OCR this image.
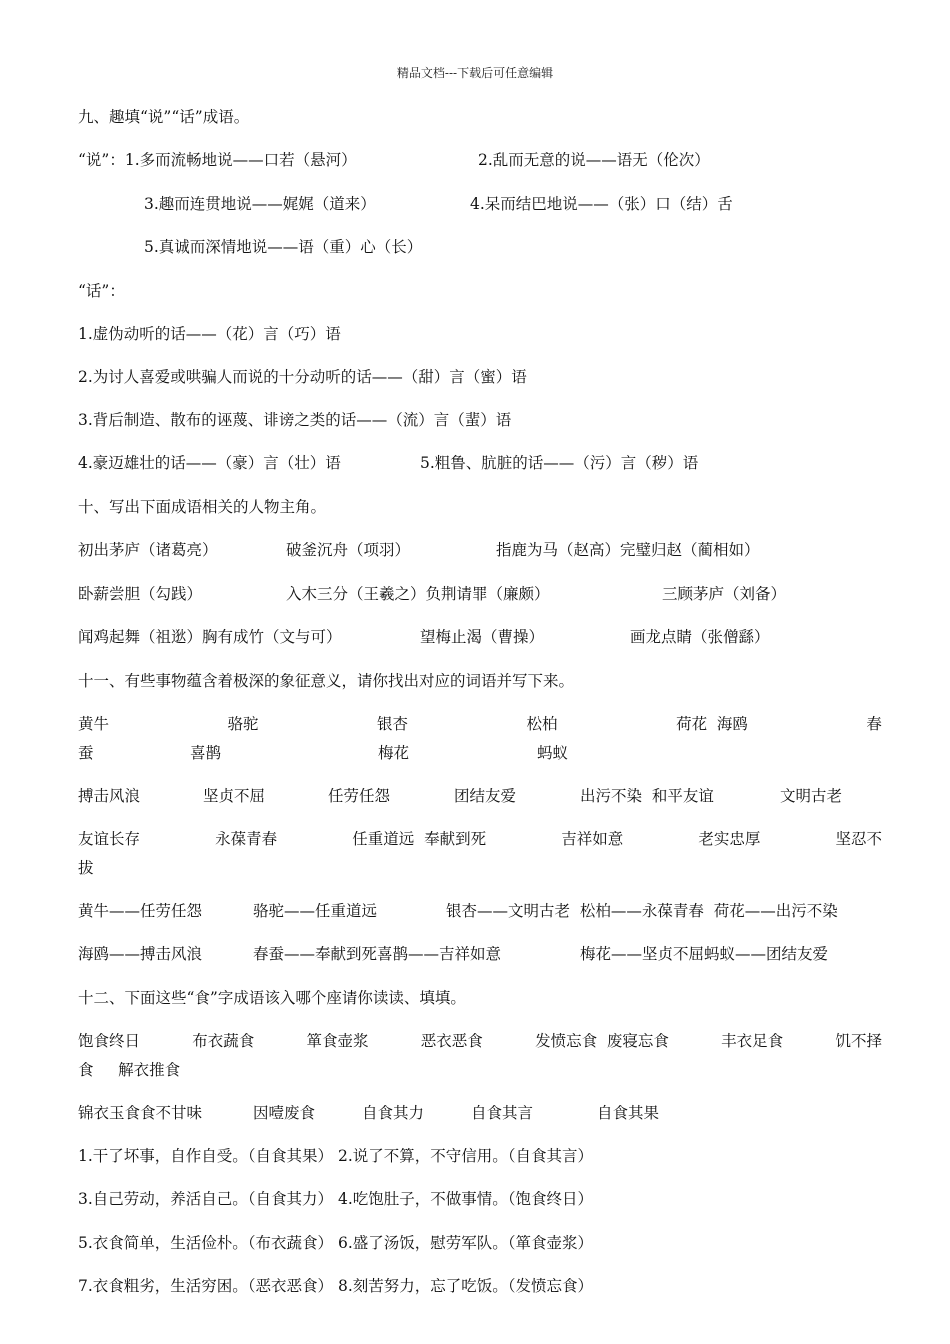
精品文档---下载后可任意编辑
九、趣填“说”“话”成语。
“说”：1.多而流畅地说——口若（悬河）	2.乱而无意的说——语无（伦次）
3.趣而连贯地说——娓娓（道来）	4.呆而结巴地说——（张）口（结）舌
5.真诚而深情地说——语（重）心（长）
“话”：
1.虚伪动听的话——（花）言（巧）语
2.为讨人喜爱或哄骗人而说的十分动听的话——（甜）言（蜜）语
3.背后制造、散布的诬蔑、诽谤之类的话——（流）言（蜚）语
4.豪迈雄壮的话——（豪）言（壮）语	5.粗鲁、肮脏的话——（污）言（秽）语
十、写出下面成语相关的人物主角。
初出茅庐（诸葛亮）	破釜沉舟（项羽）	指鹿为马（赵高）完璧归赵（蔺相如）
卧薪尝胆（勾践）	入木三分（王羲之）负荆请罪（廉颇）	三顾茅庐（刘备）
闻鸡起舞（祖逖）胸有成竹（文与可）	望梅止渴（曹操）	画龙点睛（张僧繇）
十一、有些事物蕴含着极深的象征意义，请你找出对应的词语并写下来。
黄牛	骆驼	银杏	松柏	荷花  海鸥	春
蚕	喜鹊	梅花	蚂蚁
搏击风浪	坚贞不屈	任劳任怨	团结友爱	出污不染  和平友谊	文明古老
友谊长存	永葆青春	任重道远  奉献到死	吉祥如意	老实忠厚	坚忍不
拔
黄牛——任劳任怨	骆驼——任重道远	银杏——文明古老  松柏——永葆青春  荷花——出污不染
海鸥——搏击风浪	春蚕——奉献到死喜鹊——吉祥如意	梅花——坚贞不屈蚂蚁——团结友爱
十二、下面这些“食”字成语该入哪个座请你读读、填填。
饱食终日	布衣蔬食	箪食壶浆	恶衣恶食	发愤忘食  废寝忘食	丰衣足食	饥不择
食     解衣推食
锦衣玉食食不甘味	因噎废食	自食其力	自食其言	自食其果
1.干了坏事，自作自受。（自食其果） 2.说了不算，不守信用。（自食其言）
3.自己劳动，养活自己。（自食其力） 4.吃饱肚子，不做事情。（饱食终日）
5.衣食简单，生活俭朴。（布衣蔬食） 6.盛了汤饭，慰劳军队。（箪食壶浆）
7.衣食粗劣，生活穷困。（恶衣恶食） 8.刻苦努力，忘了吃饭。（发愤忘食）
